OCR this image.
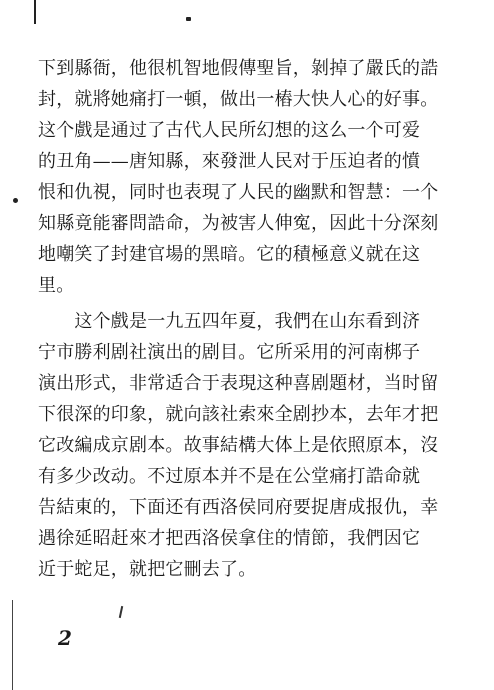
下到縣衙，他很机智地假傳聖旨，剝掉了嚴氏的誥
封，就將她痛打一頓，做出一樁大快人心的好事。
这个戲是通过了古代人民所幻想的这么一个可爱
的丑角——唐知縣，來發泄人民对于压迫者的憤
恨和仇視，同时也表現了人民的幽默和智慧：一个
知縣竟能審問誥命，为被害人伸寃，因此十分深刻
地嘲笑了封建官場的黑暗。它的積極意义就在这
里。
　　这个戲是一九五四年夏，我們在山东看到济
宁市勝利剧社演出的剧目。它所采用的河南梆子
演出形式，非常适合于表現这种喜剧題材，当时留
下很深的印象，就向該社索來全剧抄本，去年才把
它改編成京剧本。故事結構大体上是依照原本，沒
有多少改动。不过原本并不是在公堂痛打誥命就
告結東的，下面还有西洛侯同府要捉唐成报仇，幸
遇徐延昭赶來才把西洛侯拿住的情節，我們因它
近于蛇足，就把它刪去了。
2
